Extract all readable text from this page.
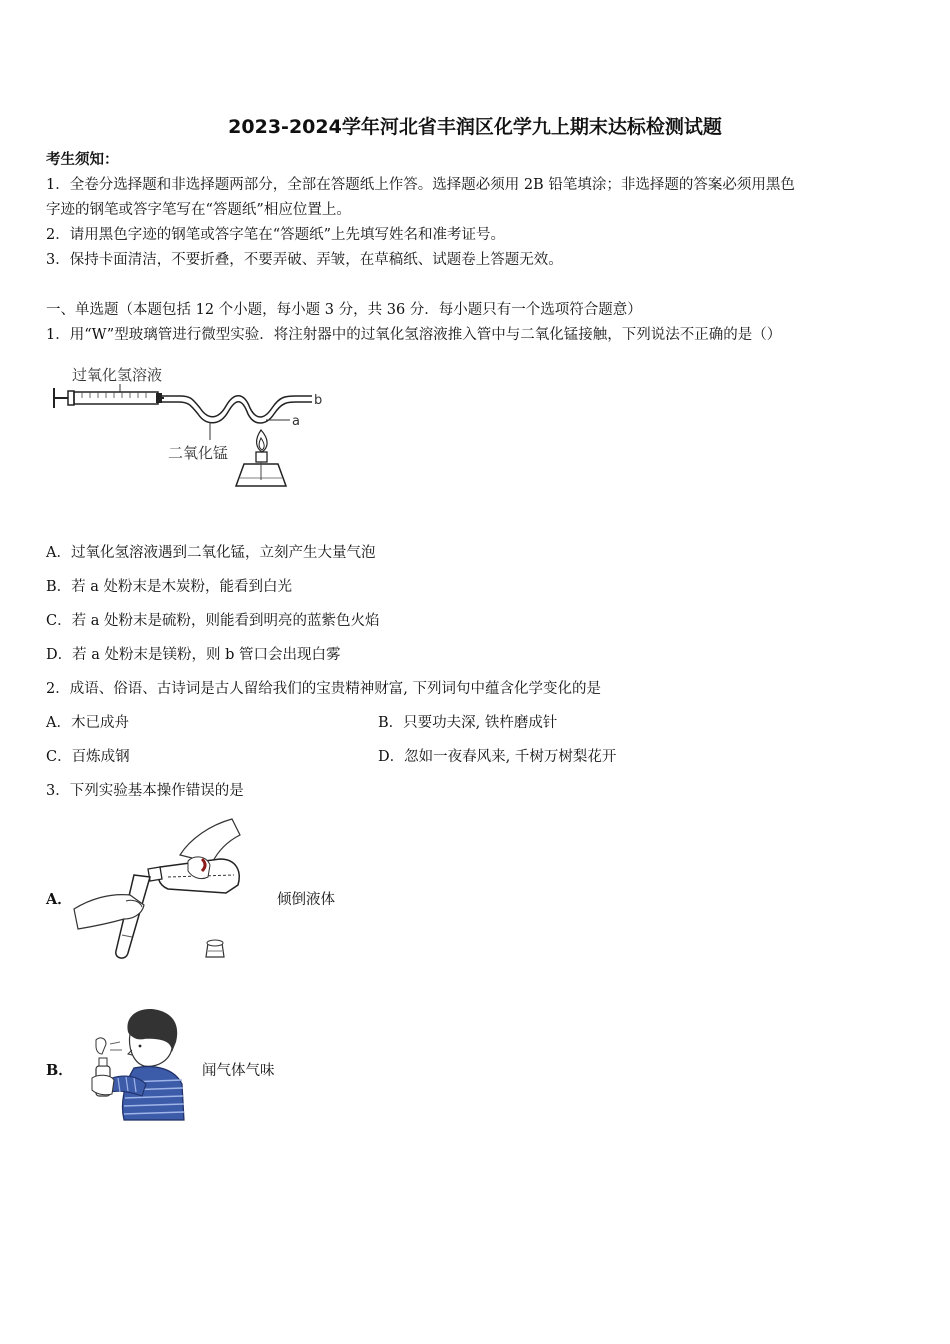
2023-2024学年河北省丰润区化学九上期末达标检测试题
考生须知：
1．全卷分选择题和非选择题两部分，全部在答题纸上作答。选择题必须用 2B 铅笔填涂；非选择题的答案必须用黑色
字迹的钢笔或答字笔写在“答题纸”相应位置上。
2．请用黑色字迹的钢笔或答字笔在“答题纸”上先填写姓名和准考证号。
3．保持卡面清洁，不要折叠，不要弄破、弄皱，在草稿纸、试题卷上答题无效。
一、单选题（本题包括 12 个小题，每小题 3 分，共 36 分．每小题只有一个选项符合题意）
1．用“W”型玻璃管进行微型实验．将注射器中的过氧化氢溶液推入管中与二氧化锰接触，下列说法不正确的是（）
过氧化氢溶液
b
a
二氧化锰
A．过氧化氢溶液遇到二氧化锰，立刻产生大量气泡
B．若 a 处粉末是木炭粉，能看到白光
C．若 a 处粉末是硫粉，则能看到明亮的蓝紫色火焰
D．若 a 处粉末是镁粉，则 b 管口会出现白雾
2．成语、俗语、古诗词是古人留给我们的宝贵精神财富, 下列词句中蕴含化学变化的是
A．木已成舟	B．只要功夫深, 铁杵磨成针
C．百炼成钢	D．忽如一夜春风来, 千树万树梨花开
3．下列实验基本操作错误的是
A．	倾倒液体
B．	闻气体气味
